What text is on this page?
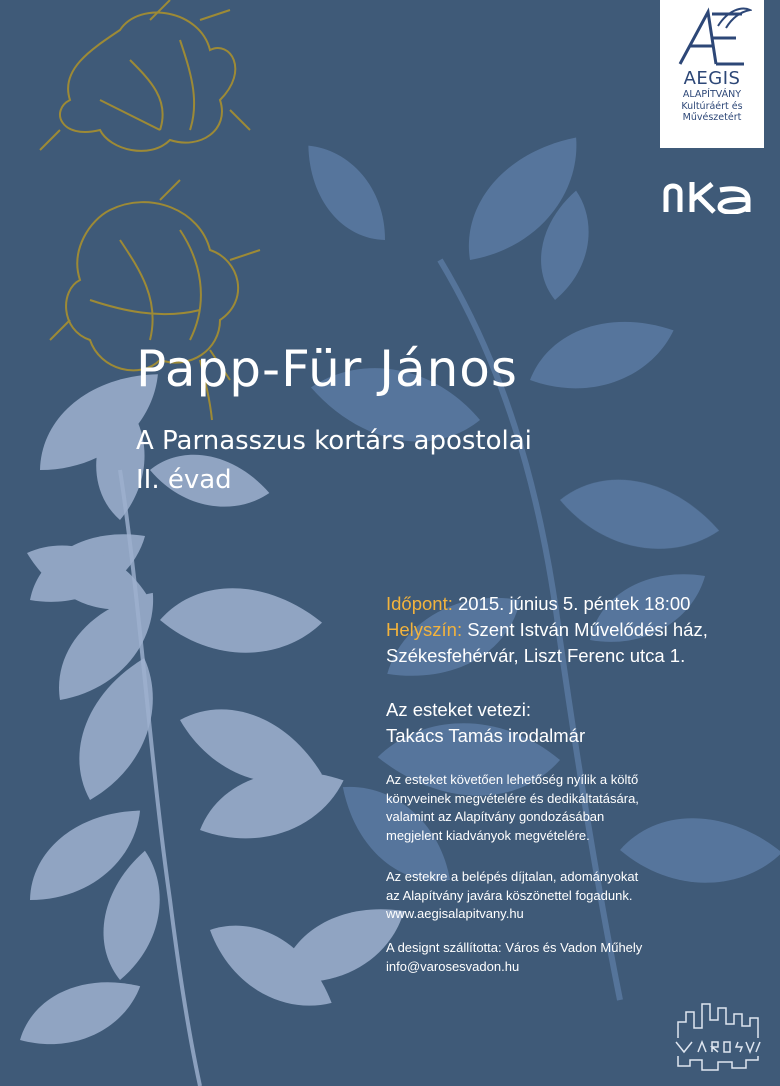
AEGIS
ALAPÍTVÁNY
Kultúráért és
Művészetért
Papp-Für János
A Parnasszus kortárs apostolai
II. évad
Időpont: 2015. június 5. péntek 18:00
Helyszín: Szent István Művelődési ház,
Székesfehérvár, Liszt Ferenc utca 1.
Az esteket vetezi:
Takács Tamás irodalmár
Az esteket követően lehetőség nyílik a költő
könyveinek megvételére és dedikáltatására,
valamint az Alapítvány gondozásában
megjelent kiadványok megvételére.
Az estekre a belépés díjtalan, adományokat
az Alapítvány javára köszönettel fogadunk.
www.aegisalapitvany.hu
A designt szállította: Város és Vadon Műhely
info@varosesvadon.hu
